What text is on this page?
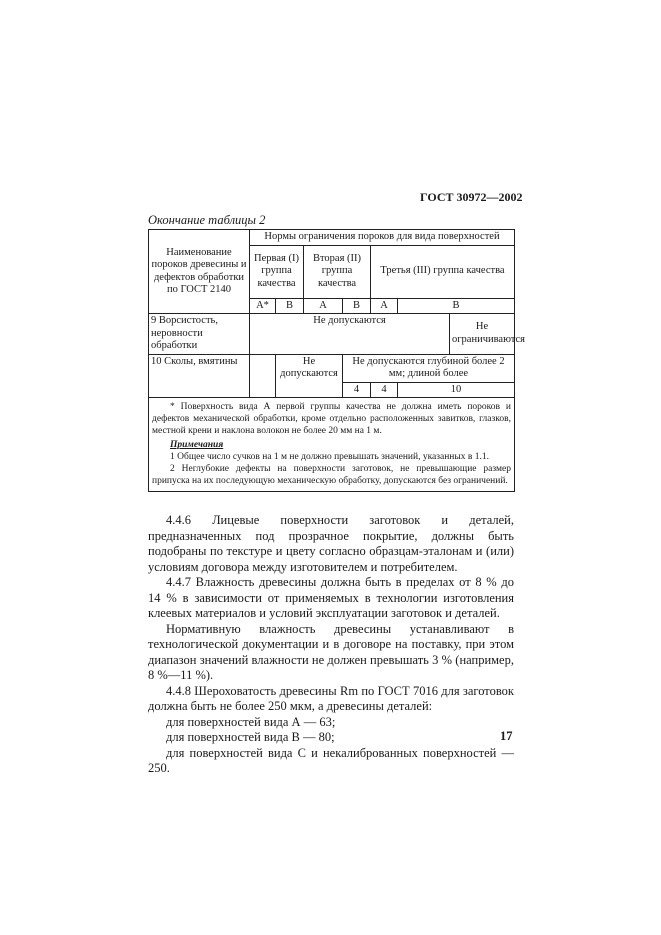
ГОСТ 30972—2002
Окончание таблицы 2
Наименование пороков древесины и дефектов обработки по ГОСТ 2140	Нормы ограничения пороков для вида поверхностей							
	Первая (I) группа качества		Вторая (II) группа качества		Третья (III) группа качества	
	А*	В	А	В	А	В	
9 Ворсистость, неровности обработки	Не допускаются						Не ограничиваются	
10 Сколы, вмятины		Не допускаются		Не допускаются глубиной более 2 мм; длиной более	
				4	4	10		

* Поверхность вида А первой группы качества не должна иметь пороков и дефектов механической обработки, кроме отдельно расположенных завитков, глазков, местной крени и наклона волокон не более 20 мм на 1 м.

Примечания

1 Общее число сучков на 1 м не должно превышать значений, указанных в 1.1.

2 Неглубокие дефекты на поверхности заготовок, не превышающие размер припуска на их последующую механическую обработку, допускаются без ограничений.								

4.4.6 Лицевые поверхности заготовок и деталей, предназначенных под прозрачное покрытие, должны быть подобраны по текстуре и цвету согласно образцам-эталонам и (или) условиям договора между изготовителем и потребителем.

4.4.7 Влажность древесины должна быть в пределах от 8 % до 14 % в зависимости от применяемых в технологии изготовления клеевых материалов и условий эксплуатации заготовок и деталей.

Нормативную влажность древесины устанавливают в технологической документации и в договоре на поставку, при этом диапазон значений влажности не должен превышать 3 % (например, 8 %—11 %).

4.4.8 Шероховатость древесины Rm по ГОСТ 7016 для заготовок должна быть не более 250 мкм, а древесины деталей:

для поверхностей вида А — 63;

для поверхностей вида В — 80;

для поверхностей вида С и некалиброванных поверхностей — 250.

17
